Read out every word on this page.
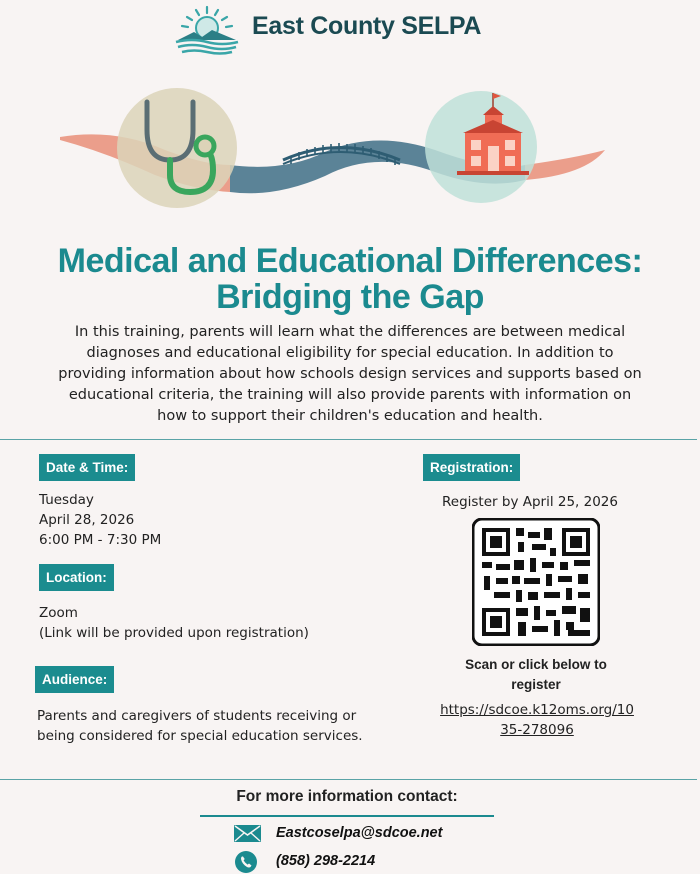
East County SELPA
Medical and Educational Differences:
Bridging the Gap
In this training, parents will learn what the differences are between medical diagnoses and educational eligibility for special education. In addition to providing information about how schools design services and supports based on educational criteria, the training will also provide parents with information on how to support their children's education and health.
Date & Time:
Tuesday
April 28, 2026
6:00 PM - 7:30 PM
Location:
Zoom
(Link will be provided upon registration)
Audience:
Parents and caregivers of students receiving or being considered for special education services.
Registration:
Register by April 25, 2026
Scan or click below to register
https://sdcoe.k12oms.org/1035-278096
For more information contact:
Eastcoselpa@sdcoe.net
(858) 298-2214
